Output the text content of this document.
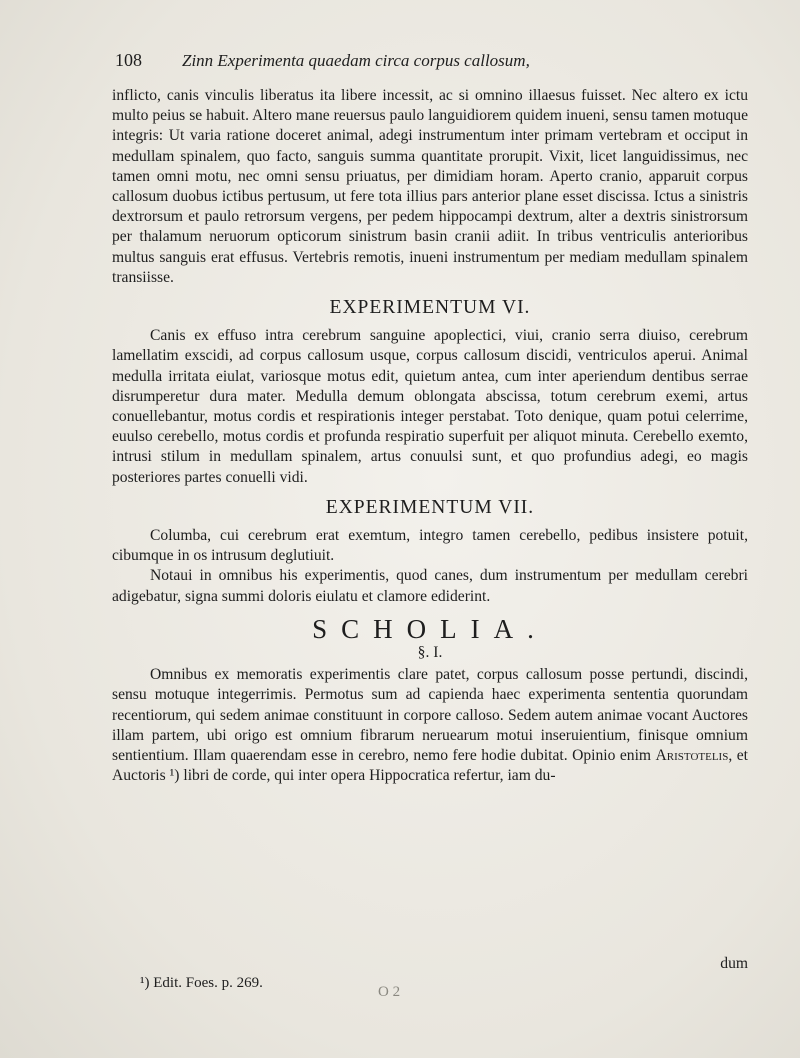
108 Zinn Experimenta quaedam circa corpus callosum,

inflicto, canis vinculis liberatus ita libere incessit, ac si omnino illaesus fuisset. Nec altero ex ictu multo peius se habuit. Altero mane reuersus paulo languidiorem quidem inueni, sensu tamen motuque integris: Ut varia ratione doceret animal, adegi instrumentum inter primam vertebram et occiput in medullam spinalem, quo facto, sanguis summa quantitate prorupit. Vixit, licet languidissimus, nec tamen omni motu, nec omni sensu priuatus, per dimidiam horam. Aperto cranio, apparuit corpus callosum duobus ictibus pertusum, ut fere tota illius pars anterior plane esset discissa. Ictus a sinistris dextrorsum et paulo retrorsum vergens, per pedem hippocampi dextrum, alter a dextris sinistrorsum per thalamum neruorum opticorum sinistrum basin cranii adiit. In tribus ventriculis anterioribus multus sanguis erat effusus. Vertebris remotis, inueni instrumentum per mediam medullam spinalem transiisse.

EXPERIMENTUM VI.

Canis ex effuso intra cerebrum sanguine apoplectici, viui, cranio serra diuiso, cerebrum lamellatim exscidi, ad corpus callosum usque, corpus callosum discidi, ventriculos aperui. Animal medulla irritata eiulat, variosque motus edit, quietum antea, cum inter aperiendum dentibus serrae disrumperetur dura mater. Medulla demum oblongata abscissa, totum cerebrum exemi, artus conuellebantur, motus cordis et respirationis integer perstabat. Toto denique, quam potui celerrime, euulso cerebello, motus cordis et profunda respiratio superfuit per aliquot minuta. Cerebello exemto, intrusi stilum in medullam spinalem, artus conuulsi sunt, et quo profundius adegi, eo magis posteriores partes conuelli vidi.

EXPERIMENTUM VII.

Columba, cui cerebrum erat exemtum, integro tamen cerebello, pedibus insistere potuit, cibumque in os intrusum deglutiuit.

Notaui in omnibus his experimentis, quod canes, dum instrumentum per medullam cerebri adigebatur, signa summi doloris eiulatu et clamore ediderint.

SCHOLIA.
§. I.

Omnibus ex memoratis experimentis clare patet, corpus callosum posse pertundi, discindi, sensu motuque integerrimis. Permotus sum ad capienda haec experimenta sententia quorundam recentiorum, qui sedem animae constituunt in corpore calloso. Sedem autem animae vocant Auctores illam partem, ubi origo est omnium fibrarum neruearum motui inseruientium, finisque omnium sentientium. Illam quaerendam esse in cerebro, nemo fere hodie dubitat. Opinio enim Aristotelis, et Auctoris ¹) libri de corde, qui inter opera Hippocratica refertur, iam du-

dum
¹) Edit. Foes. p. 269.
O 2
